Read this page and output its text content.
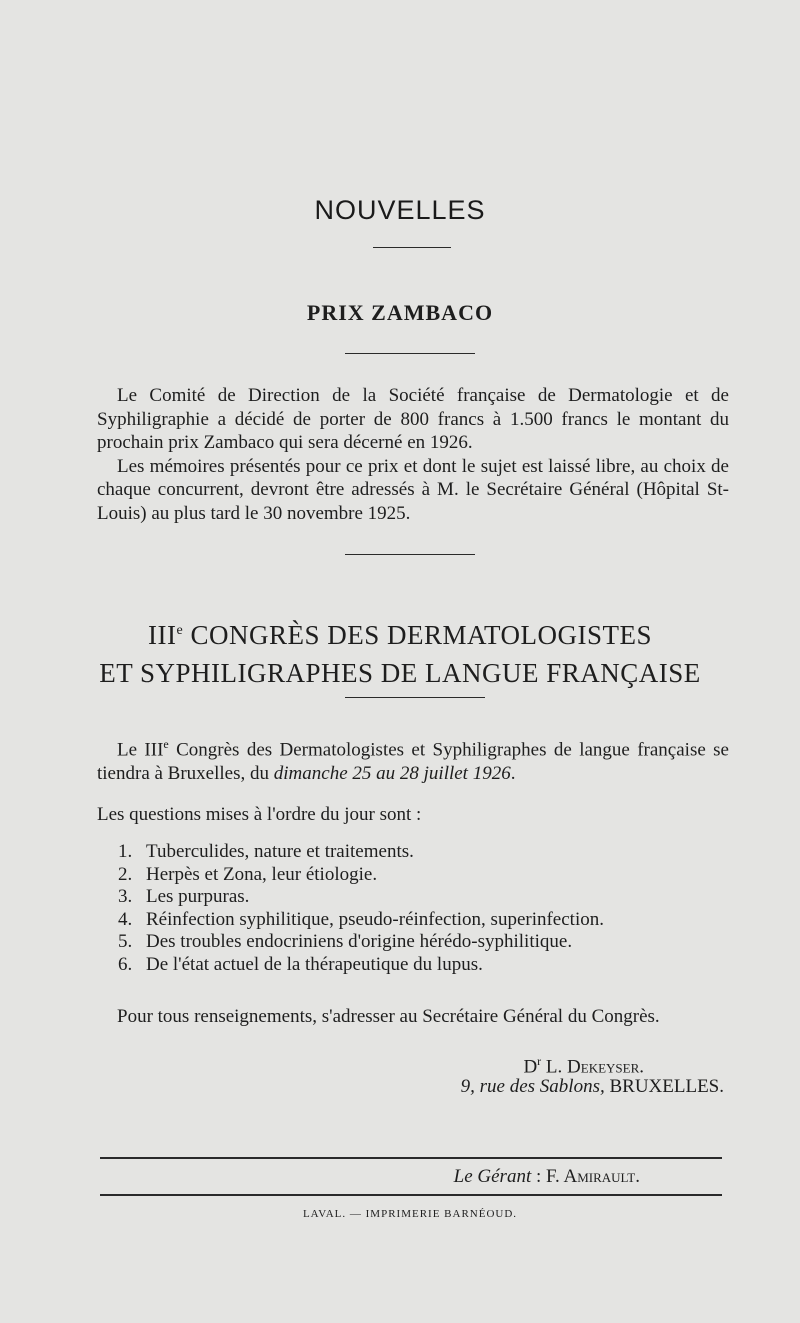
NOUVELLES
PRIX ZAMBACO

Le Comité de Direction de la Société française de Dermatologie et de Syphiligraphie a décidé de porter de 800 francs à 1.500 francs le montant du prochain prix Zambaco qui sera décerné en 1926.

Les mémoires présentés pour ce prix et dont le sujet est laissé libre, au choix de chaque concurrent, devront être adressés à M. le Secrétaire Général (Hôpital St-Louis) au plus tard le 30 novembre 1925.

IIIe CONGRÈS DES DERMATOLOGISTES
ET SYPHILIGRAPHES DE LANGUE FRANÇAISE

Le IIIe Congrès des Dermatologistes et Syphiligraphes de langue française se tiendra à Bruxelles, du dimanche 25 au 28 juillet 1926.

Les questions mises à l'ordre du jour sont :
1. Tuberculides, nature et traitements.
2. Herpès et Zona, leur étiologie.
3. Les purpuras.
4. Réinfection syphilitique, pseudo-réinfection, superinfection.
5. Des troubles endocriniens d'origine hérédo-syphilitique.
6. De l'état actuel de la thérapeutique du lupus.

Pour tous renseignements, s'adresser au Secrétaire Général du Congrès.

$D^r$ L. Dekeyser.
9, rue des Sablons, BRUXELLES.
Le Gérant : F. Amirault.
LAVAL. — IMPRIMERIE BARNÉOUD.
